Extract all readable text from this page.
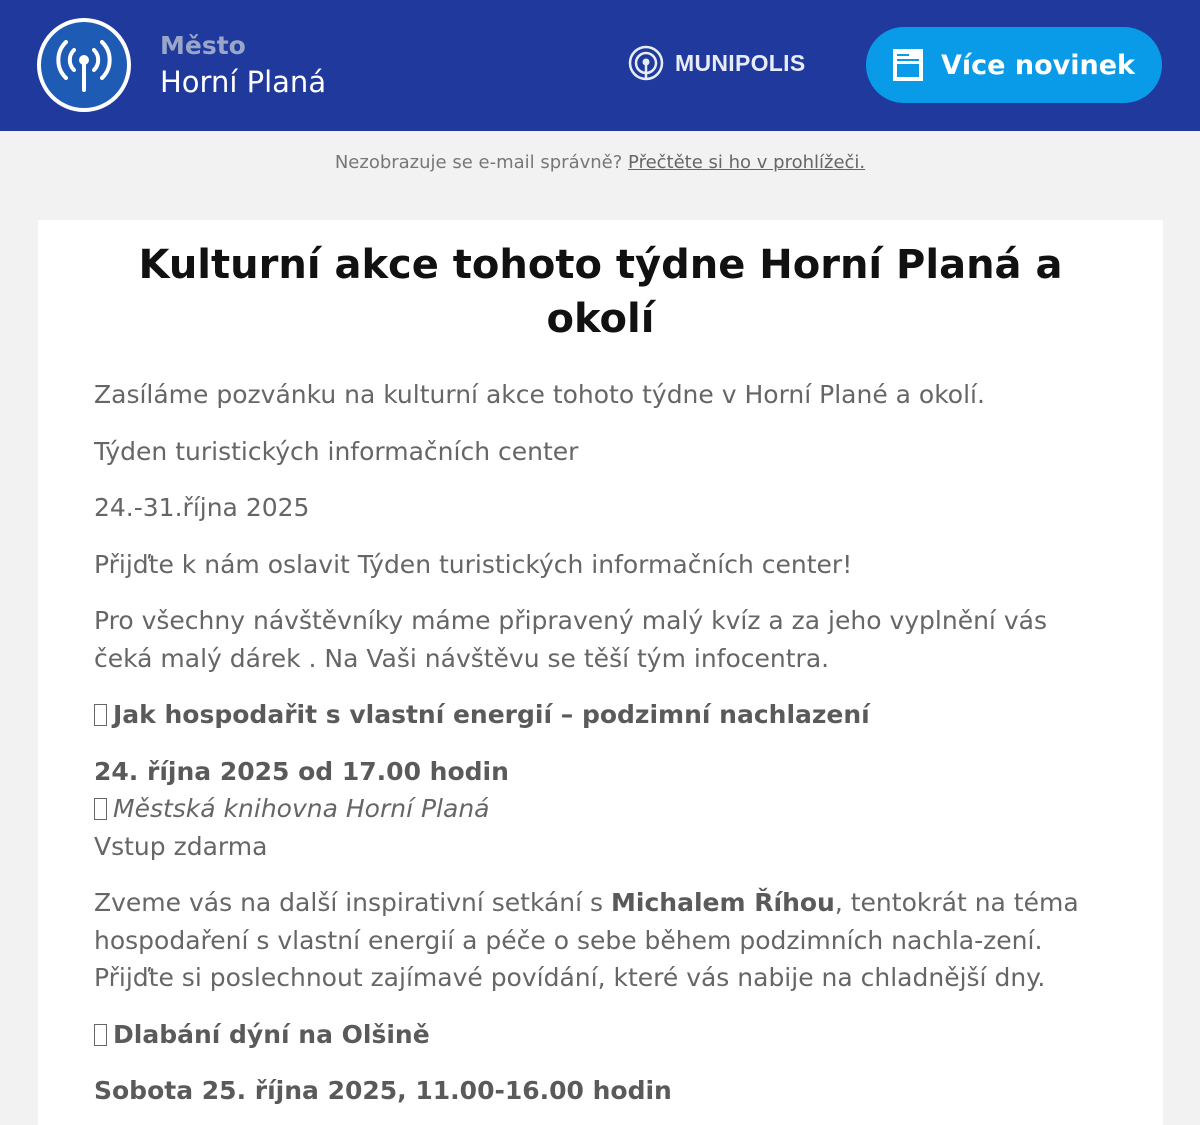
Město
Horní Planá
MUNIPOLIS	Více novinek
Nezobrazuje se e-mail správně? Přečtěte si ho v prohlížeči.
Kulturní akce tohoto týdne Horní Planá a okolí

Zasíláme pozvánku na kulturní akce tohoto týdne v Horní Plané a okolí.

Týden turistických informačních center

24.-31.října 2025

Přijďte k nám oslavit Týden turistických informačních center!

Pro všechny návštěvníky máme připravený malý kvíz a za jeho vyplnění vás čeká malý dárek . Na Vaši návštěvu se těší tým infocentra.

Jak hospodařit s vlastní energií – podzimní nachlazení

24. října 2025 od 17.00 hodin
Městská knihovna Horní Planá
Vstup zdarma

Zveme vás na další inspirativní setkání s Michalem Říhou, tentokrát na téma hospodaření s vlastní energií a péče o sebe během podzimních nachla-zení. Přijďte si poslechnout zajímavé povídání, které vás nabije na chladnější dny.

Dlabání dýní na Olšině

Sobota 25. října 2025, 11.00-16.00 hodin
